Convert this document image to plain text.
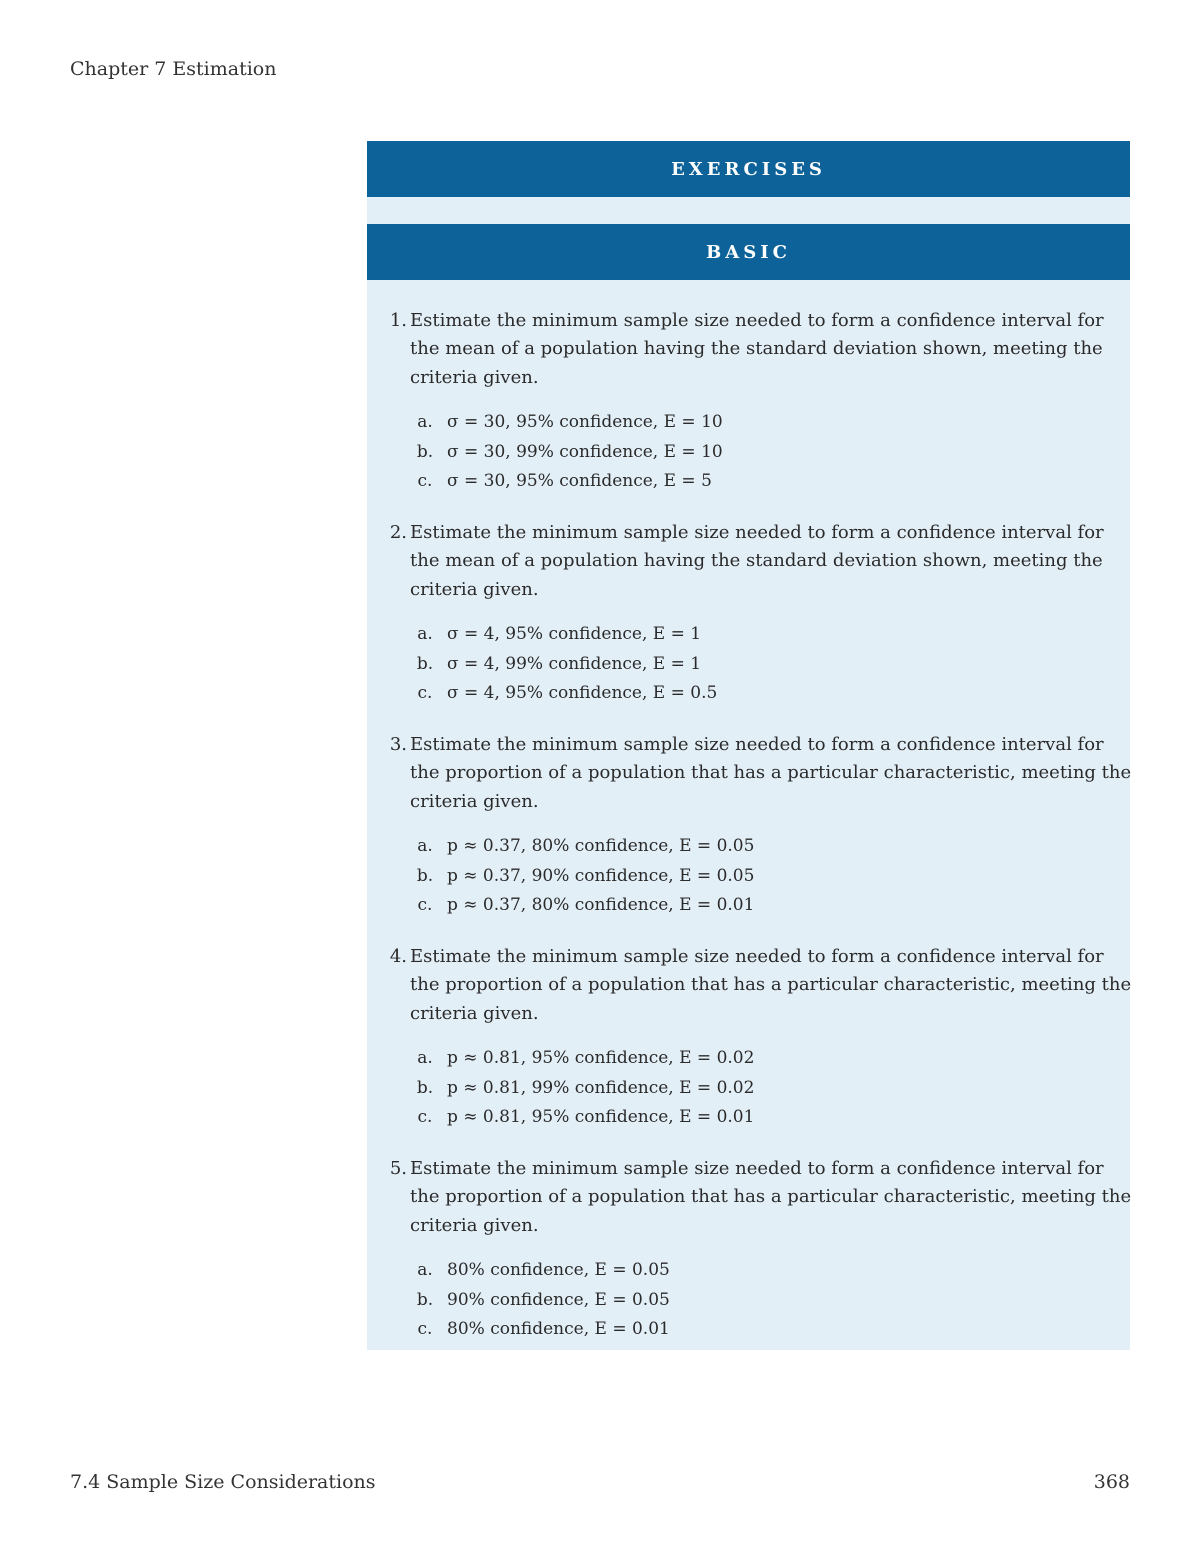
Chapter 7 Estimation
EXERCISES
BASIC
1. Estimate the minimum sample size needed to form a confidence interval for
the mean of a population having the standard deviation shown, meeting the
criteria given.
a. σ = 30, 95% confidence, E = 10
b. σ = 30, 99% confidence, E = 10
c. σ = 30, 95% confidence, E = 5
2. Estimate the minimum sample size needed to form a confidence interval for
the mean of a population having the standard deviation shown, meeting the
criteria given.
a. σ = 4, 95% confidence, E = 1
b. σ = 4, 99% confidence, E = 1
c. σ = 4, 95% confidence, E = 0.5
3. Estimate the minimum sample size needed to form a confidence interval for
the proportion of a population that has a particular characteristic, meeting the
criteria given.
a. p ≈ 0.37, 80% confidence, E = 0.05
b. p ≈ 0.37, 90% confidence, E = 0.05
c. p ≈ 0.37, 80% confidence, E = 0.01
4. Estimate the minimum sample size needed to form a confidence interval for
the proportion of a population that has a particular characteristic, meeting the
criteria given.
a. p ≈ 0.81, 95% confidence, E = 0.02
b. p ≈ 0.81, 99% confidence, E = 0.02
c. p ≈ 0.81, 95% confidence, E = 0.01
5. Estimate the minimum sample size needed to form a confidence interval for
the proportion of a population that has a particular characteristic, meeting the
criteria given.
a. 80% confidence, E = 0.05
b. 90% confidence, E = 0.05
c. 80% confidence, E = 0.01
7.4 Sample Size Considerations	368
